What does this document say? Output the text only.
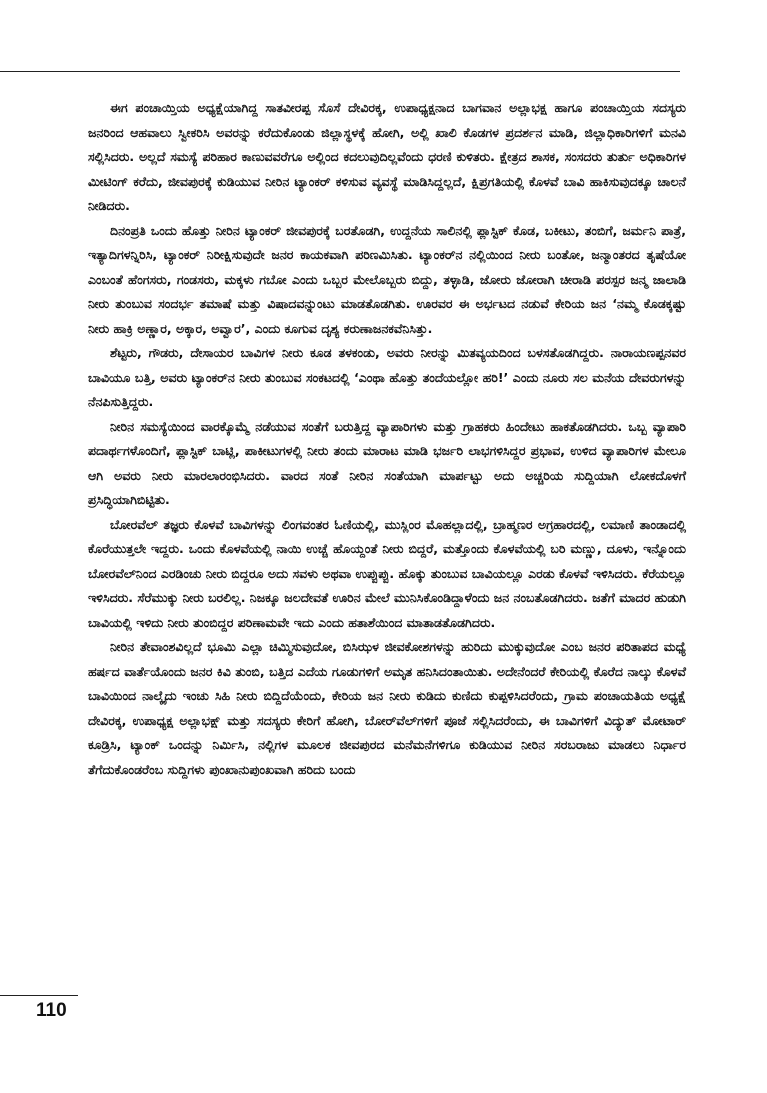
ಈಗ ಪಂಚಾಯ್ತಿಯ ಅಧ್ಯಕ್ಷೆಯಾಗಿದ್ದ ಸಾತವೀರಪ್ಪ ಸೊಸೆ ದೇವಿರಕ್ಕ, ಉಪಾಧ್ಯಕ್ಷನಾದ ಬಾಗವಾನ ಅಲ್ಲಾಭಕ್ಷ ಹಾಗೂ ಪಂಚಾಯ್ತಿಯ ಸದಸ್ಯರು ಜನರಿಂದ ಆಹವಾಲು ಸ್ವೀಕರಿಸಿ ಅವರನ್ನು ಕರೆದುಕೊಂಡು ಜಿಲ್ಲಾಸ್ಥಳಕ್ಕೆ ಹೋಗಿ, ಅಲ್ಲಿ ಖಾಲಿ ಕೊಡಗಳ ಪ್ರದರ್ಶನ ಮಾಡಿ, ಜಿಲ್ಲಾಧಿಕಾರಿಗಳಿಗೆ ಮನವಿ ಸಲ್ಲಿಸಿದರು. ಅಲ್ಲದೆ ಸಮಸ್ಯೆ ಪರಿಹಾರ ಕಾಣುವವರೆಗೂ ಅಲ್ಲಿಂದ ಕದಲುವುದಿಲ್ಲವೆಂದು ಧರಣಿ ಕುಳಿತರು. ಕ್ಷೇತ್ರದ ಶಾಸಕ, ಸಂಸದರು ತುರ್ತು ಅಧಿಕಾರಿಗಳ ಮೀಟಿಂಗ್ ಕರೆದು, ಜೀವಪುರಕ್ಕೆ ಕುಡಿಯುವ ನೀರಿನ ಟ್ಯಾಂಕರ್ ಕಳಿಸುವ ವ್ಯವಸ್ಥೆ ಮಾಡಿಸಿದ್ದಲ್ಲದೆ, ಕ್ಷಿಪ್ರಗತಿಯಲ್ಲಿ ಕೊಳವೆ ಬಾವಿ ಹಾಕಿಸುವುದಕ್ಕೂ ಚಾಲನೆ ನೀಡಿದರು.

ದಿನಂಪ್ರತಿ ಒಂದು ಹೊತ್ತು ನೀರಿನ ಟ್ಯಾಂಕರ್ ಜೀವಪುರಕ್ಕೆ ಬರತೊಡಗಿ, ಉದ್ದನೆಯ ಸಾಲಿನಲ್ಲಿ ಪ್ಲಾಸ್ಟಿಕ್ ಕೊಡ, ಬಕೀಟು, ತಂಬಿಗೆ, ಜರ್ಮನಿ ಪಾತ್ರೆ, ಇತ್ಯಾದಿಗಳನ್ನಿರಿಸಿ, ಟ್ಯಾಂಕರ್ ನಿರೀಕ್ಷಿಸುವುದೇ ಜನರ ಕಾಯಕವಾಗಿ ಪರಿಣಮಿಸಿತು. ಟ್ಯಾಂಕರ್‌ನ ನಲ್ಲಿಯಿಂದ ನೀರು ಬಂತೋ, ಜನ್ಮಾಂತರದ ತೃಷೆಯೋ ಎಂಬಂತೆ ಹೆಂಗಸರು, ಗಂಡಸರು, ಮಕ್ಕಳು ಗಬೋ ಎಂದು ಒಬ್ಬರ ಮೇಲೊಬ್ಬರು ಬಿದ್ದು, ತಳ್ಳಾಡಿ, ಜೋರು ಜೋರಾಗಿ ಚೀರಾಡಿ ಪರಸ್ಪರ ಜನ್ಮ ಜಾಲಾಡಿ ನೀರು ತುಂಬುವ ಸಂದರ್ಭ ತಮಾಷೆ ಮತ್ತು ವಿಷಾದವನ್ನುಂಟು ಮಾಡತೊಡಗಿತು. ಊರವರ ಈ ಅರ್ಭಟದ ನಡುವೆ ಕೇರಿಯ ಜನ ‘ನಮ್ಮ ಕೊಡಕ್ಕಷ್ಟು ನೀರು ಹಾಕ್ರಿ ಅಣ್ಣಾರ, ಅಕ್ಕಾರ, ಅವ್ವಾರ’, ಎಂದು ಕೂಗುವ ದೃಶ್ಯ ಕರುಣಾಜನಕವೆನಿಸಿತ್ತು.

ಶೆಟ್ಟರು, ಗೌಡರು, ದೇಸಾಯರ ಬಾವಿಗಳ ನೀರು ಕೂಡ ತಳಕಂಡು, ಅವರು ನೀರನ್ನು ಮಿತವ್ಯಯದಿಂದ ಬಳಸತೊಡಗಿದ್ದರು. ನಾರಾಯಣಪ್ಪನವರ ಬಾವಿಯೂ ಬತ್ತಿ, ಅವರು ಟ್ಯಾಂಕರ್‌ನ ನೀರು ತುಂಬುವ ಸಂಕಟದಲ್ಲಿ ‘ಎಂಥಾ ಹೊತ್ತು ತಂದೆಯಲ್ಲೋ ಹರಿ!’ ಎಂದು ನೂರು ಸಲ ಮನೆಯ ದೇವರುಗಳನ್ನು ನೆನಪಿಸುತ್ತಿದ್ದರು.

ನೀರಿನ ಸಮಸ್ಯೆಯಿಂದ ವಾರಕ್ಕೊಮ್ಮೆ ನಡೆಯುವ ಸಂತೆಗೆ ಬರುತ್ತಿದ್ದ ವ್ಯಾಪಾರಿಗಳು ಮತ್ತು ಗ್ರಾಹಕರು ಹಿಂದೇಟು ಹಾಕತೊಡಗಿದರು. ಒಬ್ಬ ವ್ಯಾಪಾರಿ ಪದಾರ್ಥಗಳೊಂದಿಗೆ, ಪ್ಲಾಸ್ಟಿಕ್ ಬಾಟ್ಲಿ, ಪಾಕೀಟುಗಳಲ್ಲಿ ನೀರು ತಂದು ಮಾರಾಟ ಮಾಡಿ ಭರ್ಜರಿ ಲಾಭಗಳಿಸಿದ್ದರ ಪ್ರಭಾವ, ಉಳಿದ ವ್ಯಾಪಾರಿಗಳ ಮೇಲೂ ಆಗಿ ಅವರು ನೀರು ಮಾರಲಾರಂಭಿಸಿದರು. ವಾರದ ಸಂತೆ ನೀರಿನ ಸಂತೆಯಾಗಿ ಮಾರ್ಪಟ್ಟು ಅದು ಅಚ್ಚರಿಯ ಸುದ್ದಿಯಾಗಿ ಲೋಕದೊಳಗೆ ಪ್ರಸಿದ್ಧಿಯಾಗಿಬಿಟ್ಟಿತು.

ಬೋರವೆಲ್ ತಜ್ಞರು ಕೊಳವೆ ಬಾವಿಗಳನ್ನು ಲಿಂಗವಂತರ ಓಣಿಯಲ್ಲಿ, ಮುಸ್ಲಿಂರ ಮೊಹಲ್ಲಾದಲ್ಲಿ, ಬ್ರಾಹ್ಮಣರ ಅಗ್ರಹಾರದಲ್ಲಿ, ಲಮಾಣಿ ತಾಂಡಾದಲ್ಲಿ ಕೊರೆಯುತ್ತಲೇ ಇದ್ದರು. ಒಂದು ಕೊಳವೆಯಲ್ಲಿ ನಾಯಿ ಉಚ್ಚೆ ಹೊಯ್ದಂತೆ ನೀರು ಬಿದ್ದರೆ, ಮತ್ತೊಂದು ಕೊಳವೆಯಲ್ಲಿ ಬರಿ ಮಣ್ಣು, ದೂಳು, ಇನ್ನೊಂದು ಬೋರವೆಲ್‌ನಿಂದ ಎರಡಿಂಚು ನೀರು ಬಿದ್ದರೂ ಅದು ಸವಳು ಅಥವಾ ಉಪ್ಪುಪ್ಪು. ಹೊಕ್ಕು ತುಂಬುವ ಬಾವಿಯಲ್ಲೂ ಎರಡು ಕೊಳವೆ ಇಳಿಸಿದರು. ಕೆರೆಯಲ್ಲೂ ಇಳಿಸಿದರು. ಸೆರೆಮುಕ್ಕು ನೀರು ಬರಲಿಲ್ಲ. ನಿಜಕ್ಕೂ ಜಲದೇವತೆ ಊರಿನ ಮೇಲೆ ಮುನಿಸಿಕೊಂಡಿದ್ದಾಳೆಂದು ಜನ ನಂಬತೊಡಗಿದರು. ಜತೆಗೆ ಮಾದರ ಹುಡುಗಿ ಬಾವಿಯಲ್ಲಿ ಇಳಿದು ನೀರು ತುಂಬಿದ್ದರ ಪರಿಣಾಮವೇ ಇದು ಎಂದು ಹತಾಶೆಯಿಂದ ಮಾತಾಡತೊಡಗಿದರು.

ನೀರಿನ ತೇವಾಂಶವಿಲ್ಲದೆ ಭೂಮಿ ಎಲ್ಲಾ ಚಿಮ್ಮಿಸುವುದೋ, ಬಿಸಿಝಳ ಜೀವಕೋಶಗಳನ್ನು ಹುರಿದು ಮುಕ್ಕುವುದೋ ಎಂಬ ಜನರ ಪರಿತಾಪದ ಮಧ್ಯೆ ಹರ್ಷದ ವಾರ್ತೆಯೊಂದು ಜನರ ಕಿವಿ ತುಂಬಿ, ಬತ್ತಿದ ಎದೆಯ ಗೂಡುಗಳಿಗೆ ಅಮೃತ ಹನಿಸಿದಂತಾಯಿತು. ಅದೇನೆಂದರೆ ಕೇರಿಯಲ್ಲಿ ಕೊರೆದ ನಾಲ್ಕು ಕೊಳವೆ ಬಾವಿಯಿಂದ ನಾಲ್ಕೈದು ಇಂಚು ಸಿಹಿ ನೀರು ಬಿದ್ದಿದೆಯೆಂದು, ಕೇರಿಯ ಜನ ನೀರು ಕುಡಿದು ಕುಣಿದು ಕುಪ್ಪಳಿಸಿದರೆಂದು, ಗ್ರಾಮ ಪಂಚಾಯತಿಯ ಅಧ್ಯಕ್ಷೆ ದೇವಿರಕ್ಕ, ಉಪಾಧ್ಯಕ್ಷ ಅಲ್ಲಾಭಕ್ಷ್ ಮತ್ತು ಸದಸ್ಯರು ಕೇರಿಗೆ ಹೋಗಿ, ಬೋರ್‌ವೆಲ್‌ಗಳಿಗೆ ಪೂಜೆ ಸಲ್ಲಿಸಿದರೆಂದು, ಈ ಬಾವಿಗಳಿಗೆ ವಿದ್ಯುತ್ ಮೋಟಾರ್ ಕೂಡ್ರಿಸಿ, ಟ್ಯಾಂಕ್ ಒಂದನ್ನು ನಿರ್ಮಿಸಿ, ನಲ್ಲಿಗಳ ಮೂಲಕ ಜೀವಪುರದ ಮನೆಮನೆಗಳಿಗೂ ಕುಡಿಯುವ ನೀರಿನ ಸರಬರಾಜು ಮಾಡಲು ನಿರ್ಧಾರ ತೆಗೆದುಕೊಂಡರೆಂಬ ಸುದ್ದಿಗಳು ಪುಂಖಾನುಪುಂಖವಾಗಿ ಹರಿದು ಬಂದು

110
